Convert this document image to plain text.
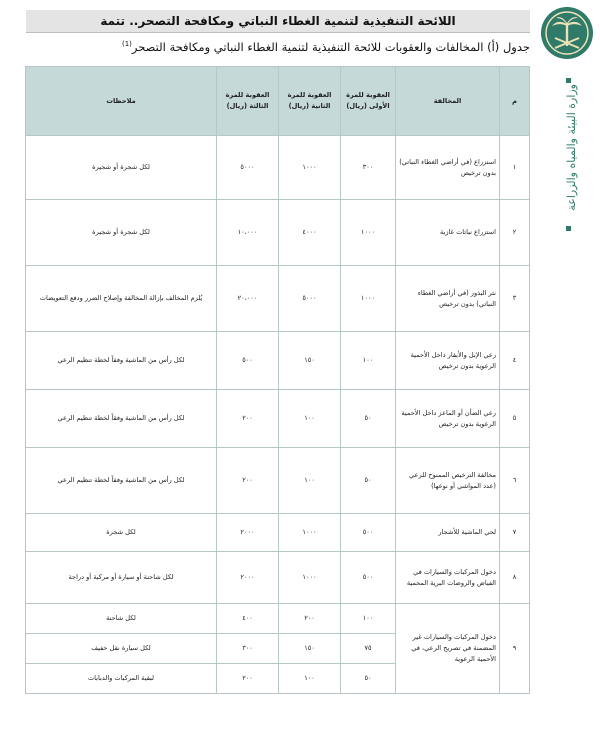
وزارة البيئة والمياه والزراعة
اللائحة التنفيذية لتنمية الغطاء النباتي ومكافحة التصحر.. تتمة
جدول (أ) المخالفات والعقوبات للائحة التنفيذية لتنمية الغطاء النباتي ومكافحة التصحر$^{(1)}$
م	المخالفة	العقوبة للمرة الأولى (ريال)	العقوبة للمرة الثانية (ريال)	العقوبة للمرة الثالثة (ريال)	ملاحظات
١	استزراع (في أراضي الغطاء النباتي) بدون ترخيص	٣٠٠	١٠٠٠	٥٠٠٠	لكل شجرة أو شجيرة
٢	استزراع نباتات غازية	١٠٠٠	٤٠٠٠	١٠،٠٠٠	لكل شجرة أو شجيرة
٣	نثر البذور (في أراضي الغطاء النباتي) بدون ترخيص	١٠٠٠	٥٠٠٠	٢٠،٠٠٠	يُلزم المخالف بإزالة المخالفة وإصلاح الضرر ودفع التعويضات
٤	رعي الإبل والأبقار داخل الأحمية الرعوية بدون ترخيص	١٠٠	١٥٠	٥٠٠	لكل رأس من الماشية وفقاً لخطة تنظيم الرعي
٥	رعي الضأن أو الماعز داخل الأحمية الرعوية بدون ترخيص	٥٠	١٠٠	٢٠٠	لكل رأس من الماشية وفقاً لخطة تنظيم الرعي
٦	مخالفة الترخيص الممنوح للرعي (عدد المواشي أو نوعها)	٥٠	١٠٠	٢٠٠	لكل رأس من الماشية وفقاً لخطة تنظيم الرعي
٧	لحي الماشية للأشجار	٥٠٠	١٠٠٠	٢٠٠٠	لكل شجرة
٨	دخول المركبات والسيارات في الفياض والروضات البرية المحمية	٥٠٠	١٠٠٠	٢٠٠٠	لكل شاحنة أو سيارة أو مركبة أو دراجة
٩	دخول المركبات والسيارات غير المضمنة في تصريح الرعي، في الأحمية الرعوية	١٠٠	٢٠٠	٤٠٠	لكل شاحنة
		٧٥	١٥٠	٣٠٠	لكل سيارة نقل خفيف
		٥٠	١٠٠	٢٠٠	لبقية المركبات والدبابات
